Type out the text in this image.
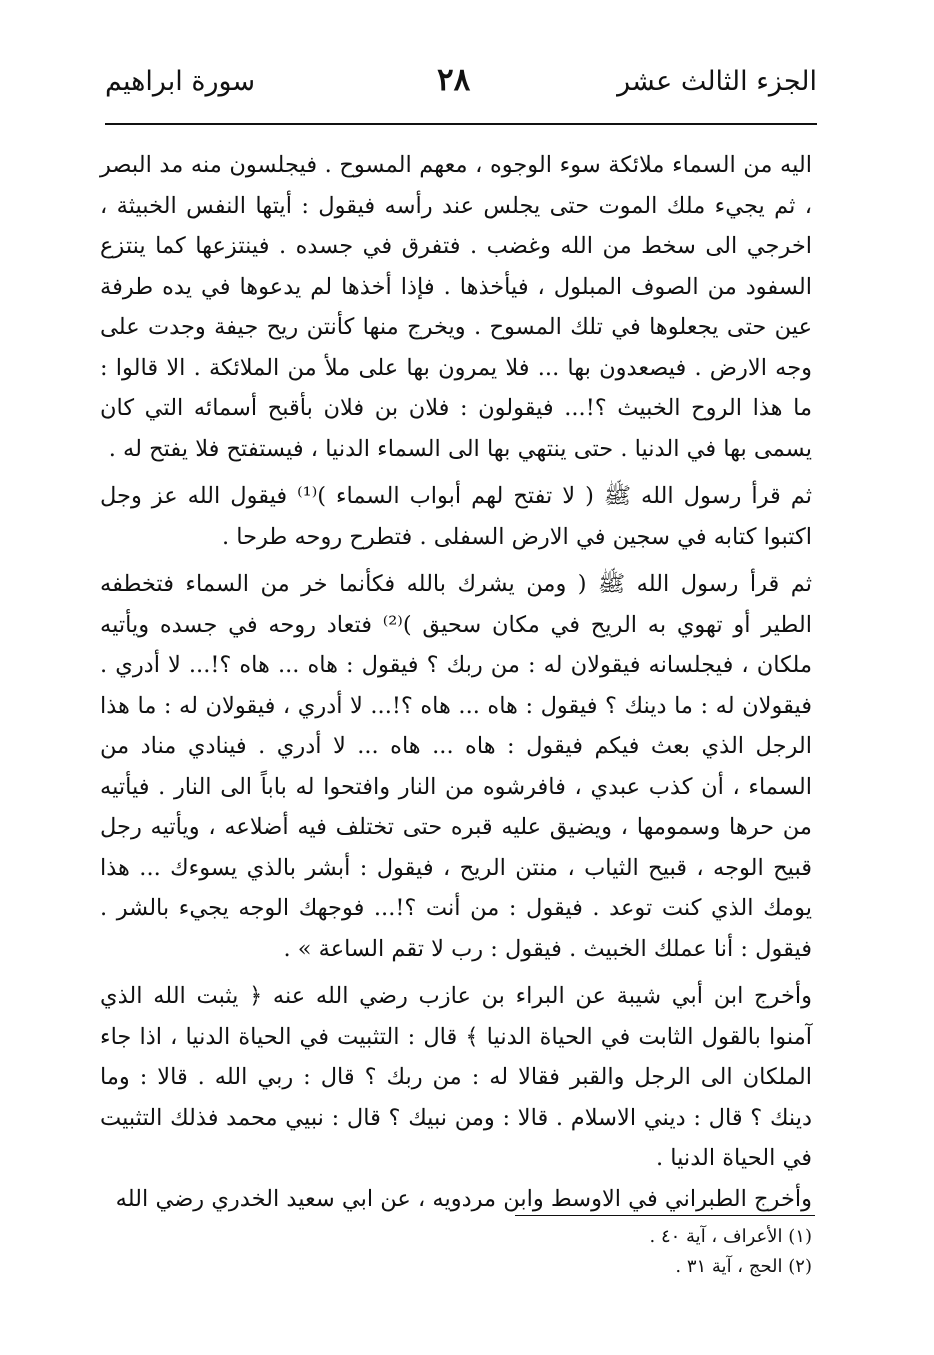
الجزء الثالث عشر
٢٨
سورة ابراهيم

اليه من السماء ملائكة سوء الوجوه ، معهم المسوح . فيجلسون منه مد البصر ، ثم يجيء ملك الموت حتى يجلس عند رأسه فيقول : أيتها النفس الخبيثة ، اخرجي الى سخط من الله وغضب . فتفرق في جسده . فينتزعها كما ينتزع السفود من الصوف المبلول ، فيأخذها . فإذا أخذها لم يدعوها في يده طرفة عين حتى يجعلوها في تلك المسوح . ويخرج منها كأنتن ريح جيفة وجدت على وجه الارض . فيصعدون بها ... فلا يمرون بها على ملأ من الملائكة . الا قالوا : ما هذا الروح الخبيث ؟!... فيقولون : فلان بن فلان بأقبح أسمائه التي كان يسمى بها في الدنيا . حتى ينتهي بها الى السماء الدنيا ، فيستفتح فلا يفتح له .

ثم قرأ رسول الله ﷺ ( لا تفتح لهم أبواب السماء )⁽¹⁾ فيقول الله عز وجل اكتبوا كتابه في سجين في الارض السفلى . فتطرح روحه طرحا .

ثم قرأ رسول الله ﷺ ( ومن يشرك بالله فكأنما خر من السماء فتخطفه الطير أو تهوي به الريح في مكان سحيق )⁽²⁾ فتعاد روحه في جسده ويأتيه ملكان ، فيجلسانه فيقولان له : من ربك ؟ فيقول : هاه ... هاه ؟!... لا أدري . فيقولان له : ما دينك ؟ فيقول : هاه ... هاه ؟!... لا أدري ، فيقولان له : ما هذا الرجل الذي بعث فيكم فيقول : هاه ... هاه ... لا أدري . فينادي مناد من السماء ، أن كذب عبدي ، فافرشوه من النار وافتحوا له باباً الى النار . فيأتيه من حرها وسمومها ، ويضيق عليه قبره حتى تختلف فيه أضلاعه ، ويأتيه رجل قبيح الوجه ، قبيح الثياب ، منتن الريح ، فيقول : أبشر بالذي يسوءك ... هذا يومك الذي كنت توعد . فيقول : من أنت ؟!... فوجهك الوجه يجيء بالشر . فيقول : أنا عملك الخبيث . فيقول : رب لا تقم الساعة » .

وأخرج ابن أبي شيبة عن البراء بن عازب رضي الله عنه ﴿ يثبت الله الذي آمنوا بالقول الثابت في الحياة الدنيا ﴾ قال : التثبيت في الحياة الدنيا ، اذا جاء الملكان الى الرجل والقبر فقالا له : من ربك ؟ قال : ربي الله . قالا : وما دينك ؟ قال : ديني الاسلام . قالا : ومن نبيك ؟ قال : نبيي محمد فذلك التثبيت في الحياة الدنيا .

وأخرج الطبراني في الاوسط وابن مردويه ، عن ابي سعيد الخدري رضي الله

(١) الأعراف ، آية ٤٠ .
(٢) الحج ، آية ٣١ .
